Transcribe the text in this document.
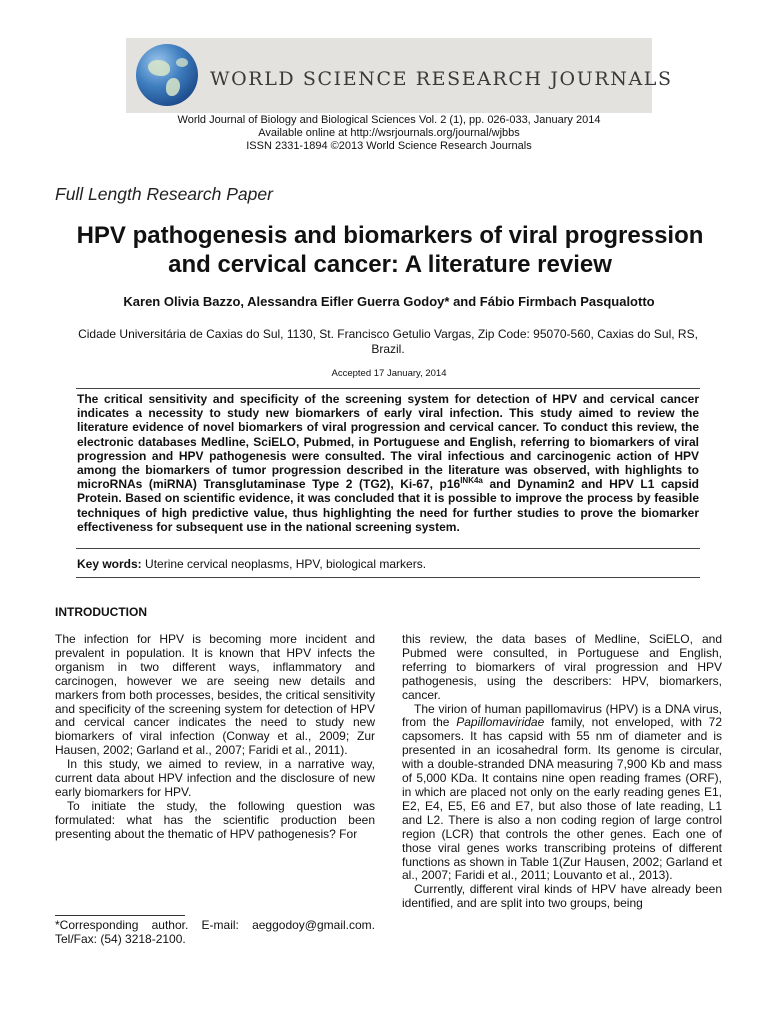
WORLD SCIENCE RESEARCH JOURNALS
World Journal of Biology and Biological Sciences Vol. 2 (1), pp. 026-033, January 2014
Available online at http://wsrjournals.org/journal/wjbbs
ISSN 2331-1894 ©2013 World Science Research Journals
Full Length Research Paper
HPV pathogenesis and biomarkers of viral progression
and cervical cancer: A literature review
Karen Olivia Bazzo, Alessandra Eifler Guerra Godoy* and Fábio Firmbach Pasqualotto
Cidade Universitária de Caxias do Sul, 1130, St. Francisco Getulio Vargas, Zip Code: 95070-560, Caxias do Sul, RS,
Brazil.
Accepted 17 January, 2014
The critical sensitivity and specificity of the screening system for detection of HPV and cervical cancer indicates a necessity to study new biomarkers of early viral infection. This study aimed to review the literature evidence of novel biomarkers of viral progression and cervical cancer. To conduct this review, the electronic databases Medline, SciELO, Pubmed, in Portuguese and English, referring to biomarkers of viral progression and HPV pathogenesis were consulted. The viral infectious and carcinogenic action of HPV among the biomarkers of tumor progression described in the literature was observed, with highlights to microRNAs (miRNA) Transglutaminase Type 2 (TG2), Ki-67, $p16^{INK4a}$ and Dynamin2 and HPV L1 capsid Protein. Based on scientific evidence, it was concluded that it is possible to improve the process by feasible techniques of high predictive value, thus highlighting the need for further studies to prove the biomarker effectiveness for subsequent use in the national screening system.
Key words: Uterine cervical neoplasms, HPV, biological markers.
INTRODUCTION

The infection for HPV is becoming more incident and prevalent in population. It is known that HPV infects the organism in two different ways, inflammatory and carcinogen, however we are seeing new details and markers from both processes, besides, the critical sensitivity and specificity of the screening system for detection of HPV and cervical cancer indicates the need to study new biomarkers of viral infection (Conway et al., 2009; Zur Hausen, 2002; Garland et al., 2007; Faridi et al., 2011).

In this study, we aimed to review, in a narrative way, current data about HPV infection and the disclosure of new early biomarkers for HPV.

To initiate the study, the following question was formulated: what has the scientific production been presenting about the thematic of HPV pathogenesis? For

*Corresponding author. E-mail: aeggodoy@gmail.com. Tel/Fax: (54) 3218-2100.

this review, the data bases of Medline, SciELO, and Pubmed were consulted, in Portuguese and English, referring to biomarkers of viral progression and HPV pathogenesis, using the describers: HPV, biomarkers, cancer.

The virion of human papillomavirus (HPV) is a DNA virus, from the Papillomaviridae family, not enveloped, with 72 capsomers. It has capsid with 55 nm of diameter and is presented in an icosahedral form. Its genome is circular, with a double-stranded DNA measuring 7,900 Kb and mass of 5,000 KDa. It contains nine open reading frames (ORF), in which are placed not only on the early reading genes E1, E2, E4, E5, E6 and E7, but also those of late reading, L1 and L2. There is also a non coding region of large control region (LCR) that controls the other genes. Each one of those viral genes works transcribing proteins of different functions as shown in Table 1(Zur Hausen, 2002; Garland et al., 2007; Faridi et al., 2011; Louvanto et al., 2013).

Currently, different viral kinds of HPV have already been identified, and are split into two groups, being
